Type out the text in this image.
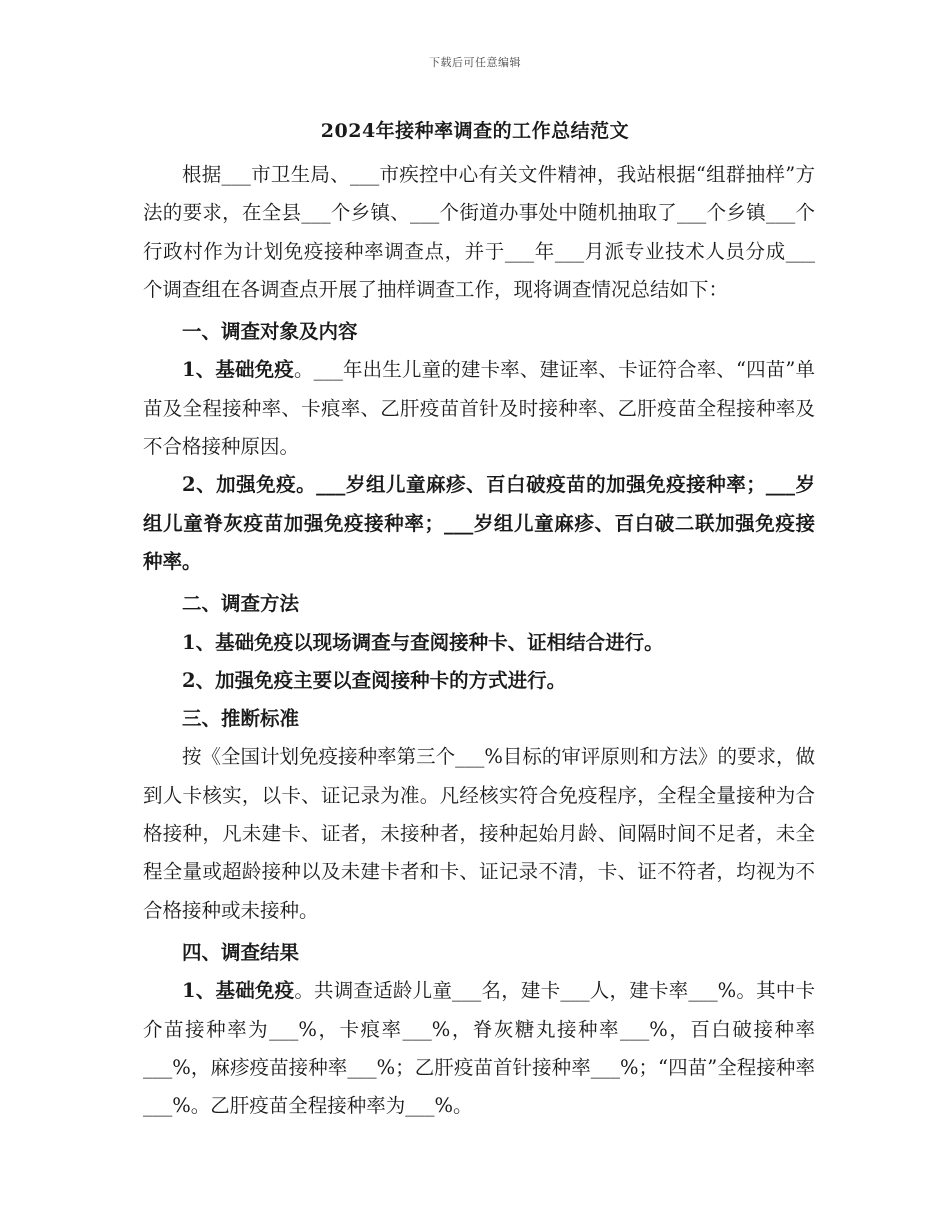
下载后可任意编辑
2024年接种率调查的工作总结范文

根据___市卫生局、___市疾控中心有关文件精神，我站根据“组群抽样”方法的要求，在全县___个乡镇、___个街道办事处中随机抽取了___个乡镇___个行政村作为计划免疫接种率调查点，并于___年___月派专业技术人员分成___个调查组在各调查点开展了抽样调查工作，现将调查情况总结如下：

一、调查对象及内容

1、基础免疫。___年出生儿童的建卡率、建证率、卡证符合率、“四苗”单苗及全程接种率、卡痕率、乙肝疫苗首针及时接种率、乙肝疫苗全程接种率及不合格接种原因。

2、加强免疫。___岁组儿童麻疹、百白破疫苗的加强免疫接种率；___岁组儿童脊灰疫苗加强免疫接种率；___岁组儿童麻疹、百白破二联加强免疫接种率。

二、调查方法

1、基础免疫以现场调查与查阅接种卡、证相结合进行。

2、加强免疫主要以查阅接种卡的方式进行。

三、推断标准

按《全国计划免疫接种率第三个___%目标的审评原则和方法》的要求，做到人卡核实，以卡、证记录为准。凡经核实符合免疫程序，全程全量接种为合格接种，凡未建卡、证者，未接种者，接种起始月龄、间隔时间不足者，未全程全量或超龄接种以及未建卡者和卡、证记录不清，卡、证不符者，均视为不合格接种或未接种。

四、调查结果

1、基础免疫。共调查适龄儿童___名，建卡___人，建卡率___%。其中卡介苗接种率为___%，卡痕率___%，脊灰糖丸接种率___%，百白破接种率___%，麻疹疫苗接种率___%；乙肝疫苗首针接种率___%；“四苗”全程接种率___%。乙肝疫苗全程接种率为___%。
